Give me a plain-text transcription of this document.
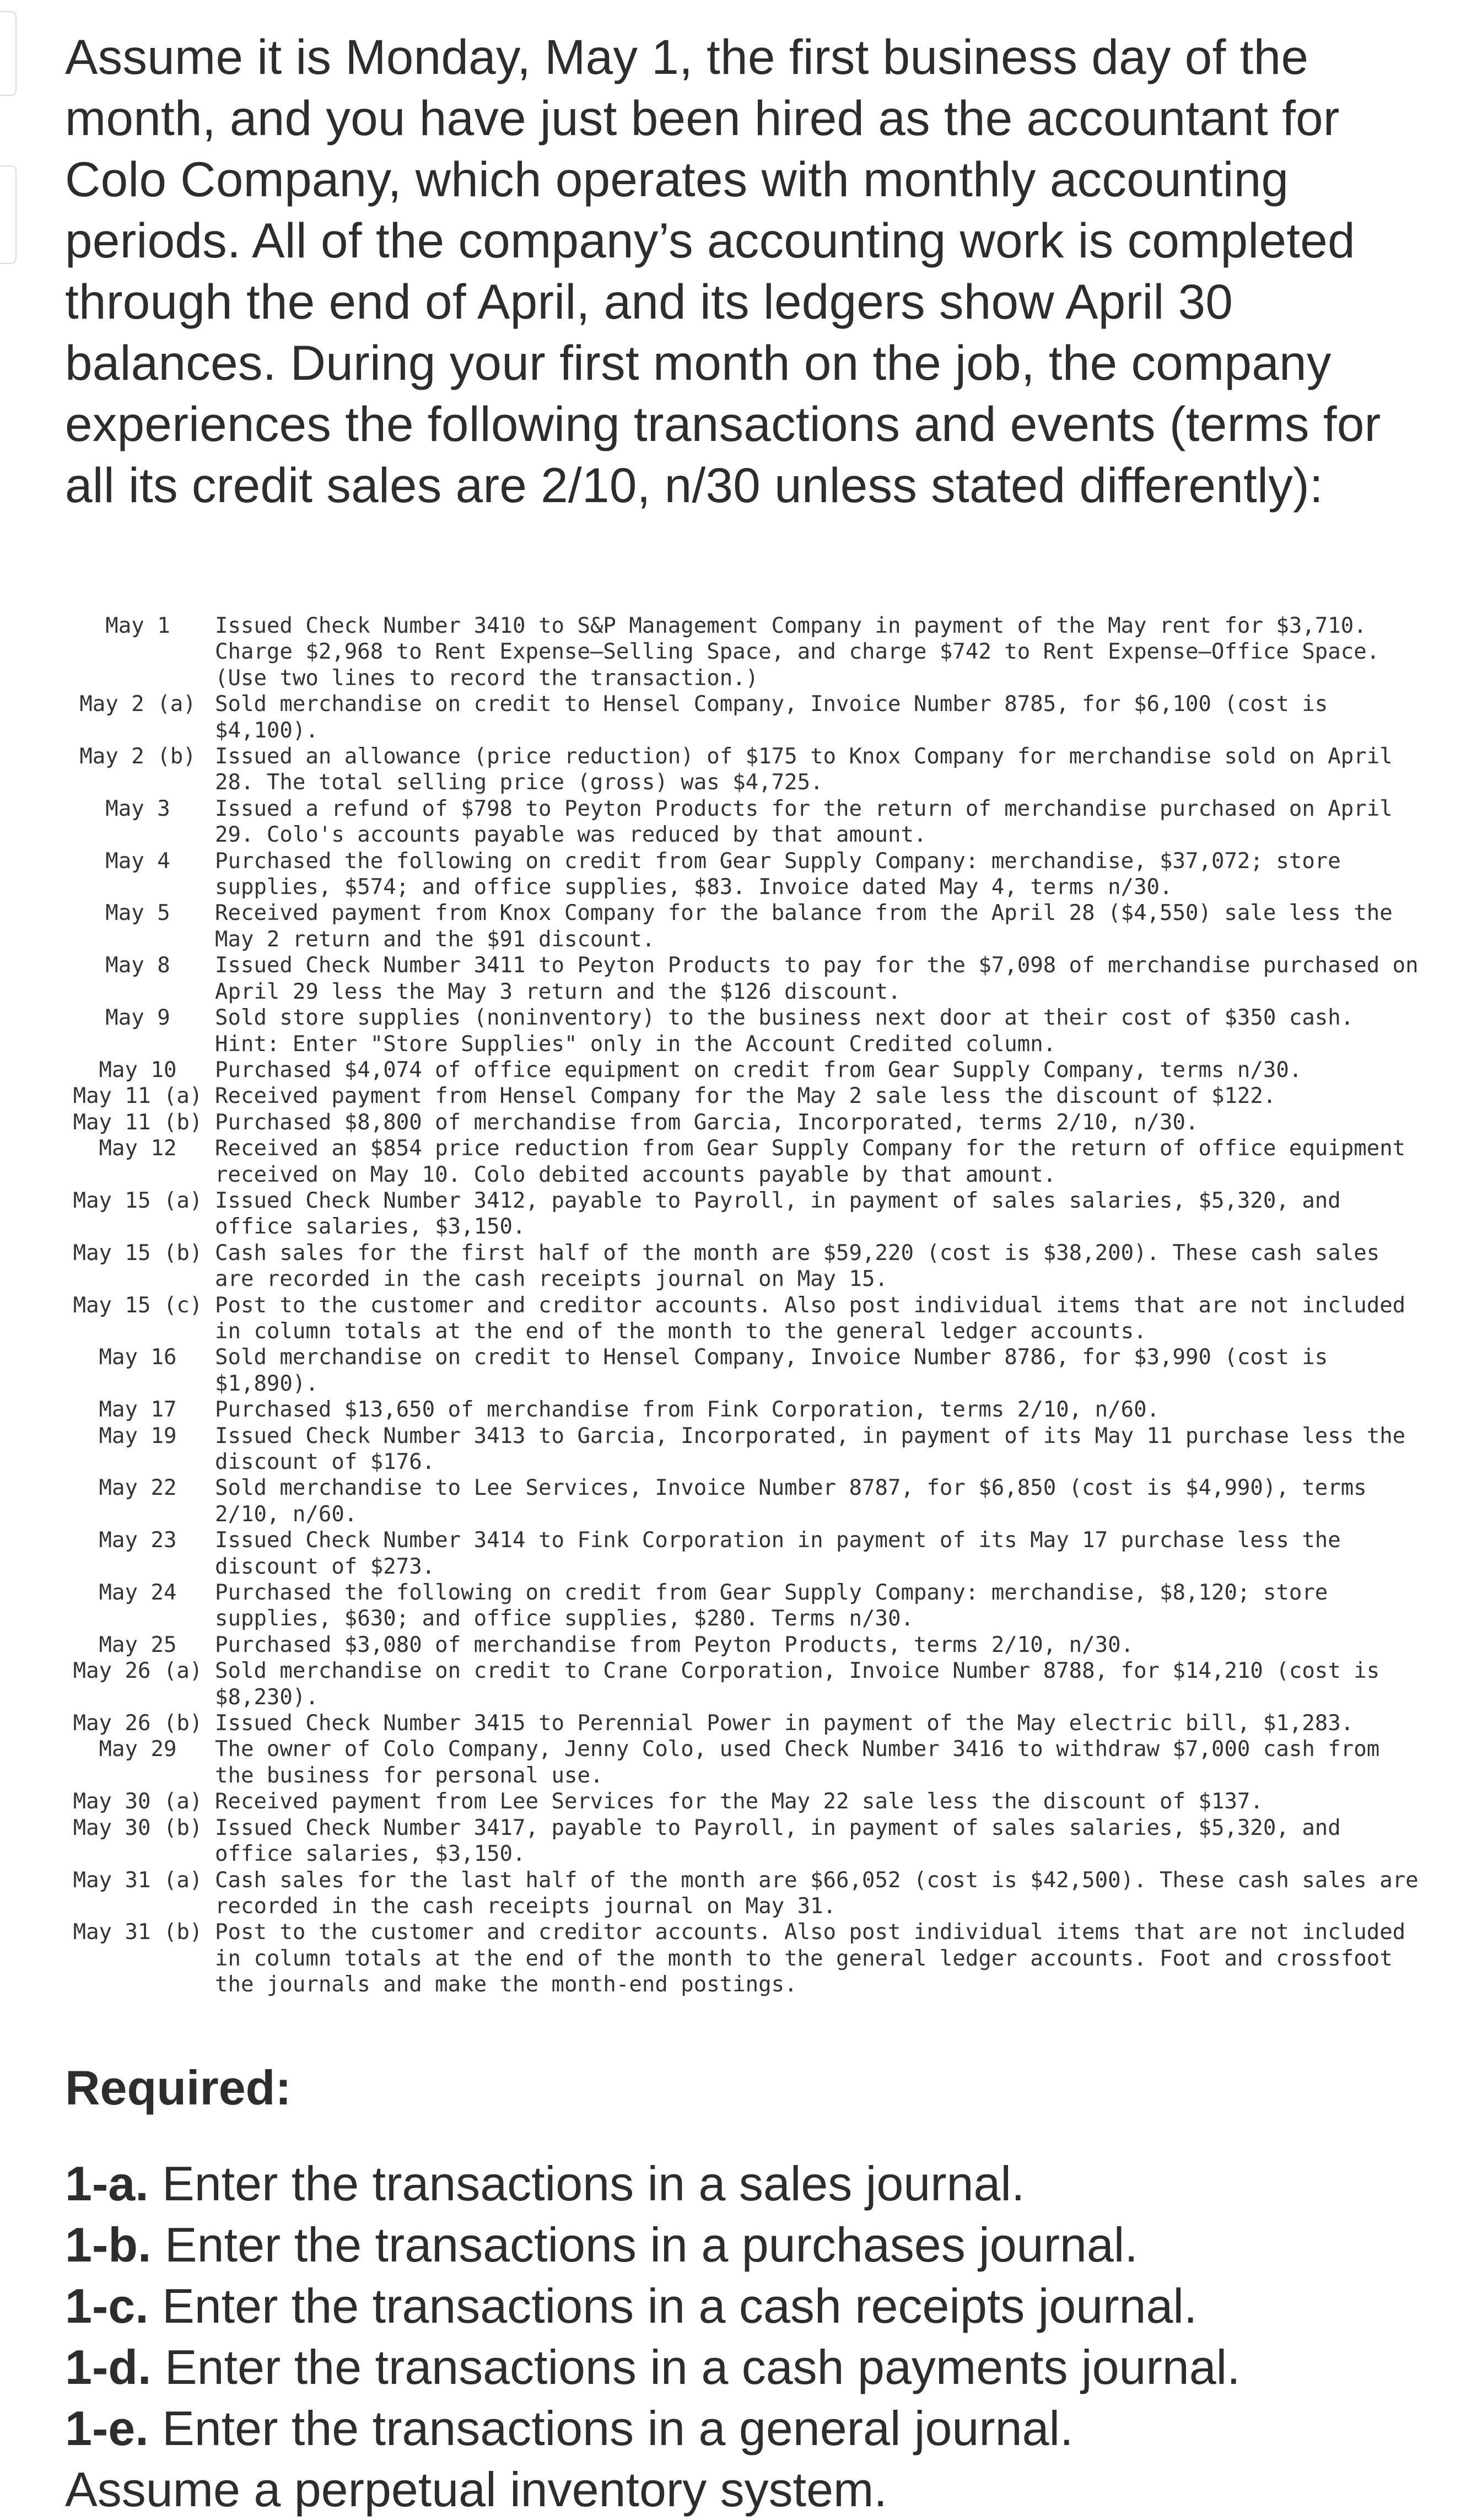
Assume it is Monday, May 1, the first business day of the month, and you have just been hired as the accountant for Colo Company, which operates with monthly accounting periods. All of the company’s accounting work is completed through the end of April, and its ledgers show April 30 balances. During your first month on the job, the company experiences the following transactions and events (terms for all its credit sales are 2/10, n/30 unless stated differently):

May 1	Issued Check Number 3410 to S&P Management Company in payment of the May rent for $3,710. Charge $2,968 to Rent Expense—Selling Space, and charge $742 to Rent Expense—Office Space. (Use two lines to record the transaction.)
May 2 (a) Sold merchandise on credit to Hensel Company, Invoice Number 8785, for $6,100 (cost is $4,100).
May 2 (b) Issued an allowance (price reduction) of $175 to Knox Company for merchandise sold on April 28. The total selling price (gross) was $4,725.
May 3	Issued a refund of $798 to Peyton Products for the return of merchandise purchased on April 29. Colo's accounts payable was reduced by that amount.
May 4	Purchased the following on credit from Gear Supply Company: merchandise, $37,072; store supplies, $574; and office supplies, $83. Invoice dated May 4, terms n/30.
May 5	Received payment from Knox Company for the balance from the April 28 ($4,550) sale less the May 2 return and the $91 discount.
May 8	Issued Check Number 3411 to Peyton Products to pay for the $7,098 of merchandise purchased on April 29 less the May 3 return and the $126 discount.
May 9	Sold store supplies (noninventory) to the business next door at their cost of $350 cash. Hint: Enter "Store Supplies" only in the Account Credited column.
May 10	Purchased $4,074 of office equipment on credit from Gear Supply Company, terms n/30.
May 11 (a) Received payment from Hensel Company for the May 2 sale less the discount of $122.
May 11 (b) Purchased $8,800 of merchandise from Garcia, Incorporated, terms 2/10, n/30.
May 12	Received an $854 price reduction from Gear Supply Company for the return of office equipment received on May 10. Colo debited accounts payable by that amount.
May 15 (a) Issued Check Number 3412, payable to Payroll, in payment of sales salaries, $5,320, and office salaries, $3,150.
May 15 (b) Cash sales for the first half of the month are $59,220 (cost is $38,200). These cash sales are recorded in the cash receipts journal on May 15.
May 15 (c) Post to the customer and creditor accounts. Also post individual items that are not included in column totals at the end of the month to the general ledger accounts.
May 16	Sold merchandise on credit to Hensel Company, Invoice Number 8786, for $3,990 (cost is $1,890).
May 17	Purchased $13,650 of merchandise from Fink Corporation, terms 2/10, n/60.
May 19	Issued Check Number 3413 to Garcia, Incorporated, in payment of its May 11 purchase less the discount of $176.
May 22	Sold merchandise to Lee Services, Invoice Number 8787, for $6,850 (cost is $4,990), terms 2/10, n/60.
May 23	Issued Check Number 3414 to Fink Corporation in payment of its May 17 purchase less the discount of $273.
May 24	Purchased the following on credit from Gear Supply Company: merchandise, $8,120; store supplies, $630; and office supplies, $280. Terms n/30.
May 25	Purchased $3,080 of merchandise from Peyton Products, terms 2/10, n/30.
May 26 (a) Sold merchandise on credit to Crane Corporation, Invoice Number 8788, for $14,210 (cost is $8,230).
May 26 (b) Issued Check Number 3415 to Perennial Power in payment of the May electric bill, $1,283.
May 29	The owner of Colo Company, Jenny Colo, used Check Number 3416 to withdraw $7,000 cash from the business for personal use.
May 30 (a) Received payment from Lee Services for the May 22 sale less the discount of $137.
May 30 (b) Issued Check Number 3417, payable to Payroll, in payment of sales salaries, $5,320, and office salaries, $3,150.
May 31 (a) Cash sales for the last half of the month are $66,052 (cost is $42,500). These cash sales are recorded in the cash receipts journal on May 31.
May 31 (b) Post to the customer and creditor accounts. Also post individual items that are not included in column totals at the end of the month to the general ledger accounts. Foot and crossfoot the journals and make the month-end postings.
Required:
1-a. Enter the transactions in a sales journal.
1-b. Enter the transactions in a purchases journal.
1-c. Enter the transactions in a cash receipts journal.
1-d. Enter the transactions in a cash payments journal.
1-e. Enter the transactions in a general journal.
Assume a perpetual inventory system.
